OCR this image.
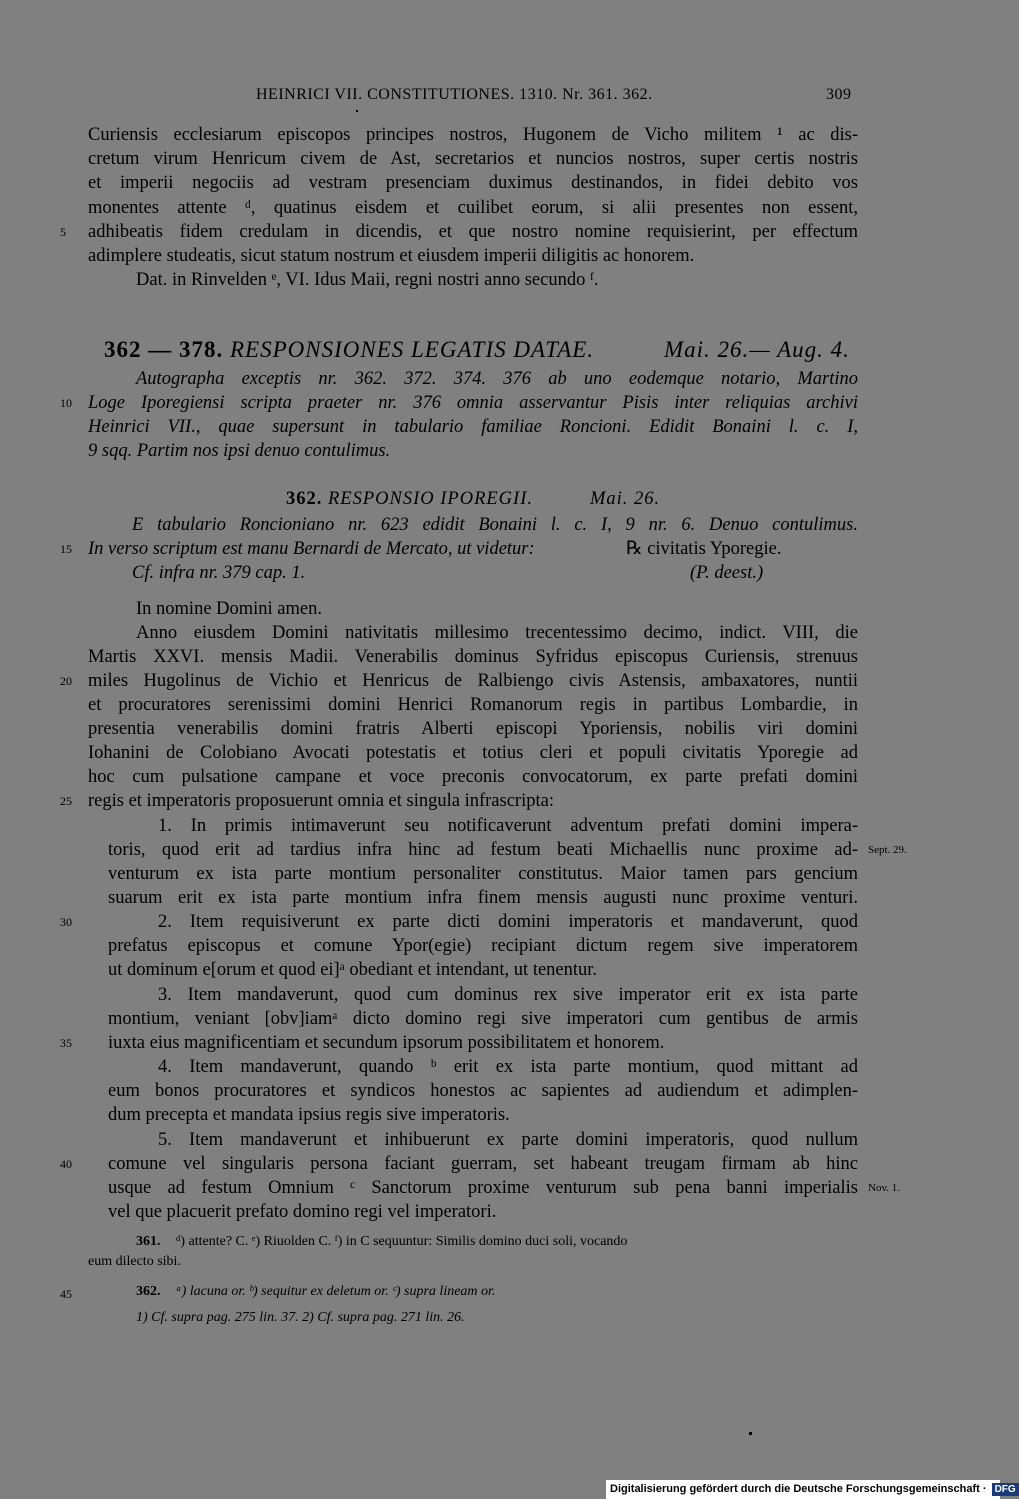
HEINRICI VII. CONSTITUTIONES. 1310. Nr. 361. 362.	309
Curiensis ecclesiarum episcopos principes nostros, Hugonem de Vicho militem ¹ ac dis-
cretum virum Henricum civem de Ast, secretarios et nuncios nostros, super certis nostris
et imperii negociis ad vestram presenciam duximus destinandos, in fidei debito vos
monentes attente ᵈ, quatinus eisdem et cuilibet eorum, si alii presentes non essent,
5	adhibeatis fidem credulam in dicendis, et que nostro nomine requisierint, per effectum
adimplere studeatis, sicut statum nostrum et eiusdem imperii diligitis ac honorem.
Dat. in Rinvelden ᵉ, VI. Idus Maii, regni nostri anno secundo ᶠ.
362 — 378. RESPONSIONES LEGATIS DATAE.	Mai. 26.— Aug. 4.
Autographa exceptis nr. 362. 372. 374. 376 ab uno eodemque notario, Martino
10 Loge Iporegiensi scripta praeter nr. 376 omnia asservantur Pisis inter reliquias archivi
Heinrici VII., quae supersunt in tabulario familiae Roncioni. Edidit Bonaini l. c. I,
9 sqq. Partim nos ipsi denuo contulimus.
362. RESPONSIO IPOREGII.	Mai. 26.
E tabulario Roncioniano nr. 623 edidit Bonaini l. c. I, 9 nr. 6. Denuo contulimus.
15 In verso scriptum est manu Bernardi de Mercato, ut videtur:	℞ civitatis Yporegie.
Cf. infra nr. 379 cap. 1.	(P. deest.)
In nomine Domini amen.
Anno eiusdem Domini nativitatis millesimo trecentessimo decimo, indict. VIII, die
Martis XXVI. mensis Madii. Venerabilis dominus Syfridus episcopus Curiensis, strenuus
20 miles Hugolinus de Vichio et Henricus de Ralbiengo civis Astensis, ambaxatores, nuntii
et procuratores serenissimi domini Henrici Romanorum regis in partibus Lombardie, in
presentia venerabilis domini fratris Alberti episcopi Yporiensis, nobilis viri domini
Iohanini de Colobiano Avocati potestatis et totius cleri et populi civitatis Yporegie ad
hoc cum pulsatione campane et voce preconis convocatorum, ex parte prefati domini
25 regis et imperatoris proposuerunt omnia et singula infrascripta:
1. In primis intimaverunt seu notificaverunt adventum prefati domini impera-
toris, quod erit ad tardius infra hinc ad festum beati Michaellis nunc proxime ad- Sept. 29.
venturum ex ista parte montium personaliter constitutus. Maior tamen pars gencium
suarum erit ex ista parte montium infra finem mensis augusti nunc proxime venturi.
30	2. Item requisiverunt ex parte dicti domini imperatoris et mandaverunt, quod
prefatus episcopus et comune Ypor(egie) recipiant dictum regem sive imperatorem
ut dominum e[orum et quod ei]ᵃ obediant et intendant, ut tenentur.
3. Item mandaverunt, quod cum dominus rex sive imperator erit ex ista parte
montium, veniant [obv]iamᵃ dicto domino regi sive imperatori cum gentibus de armis
35	iuxta eius magnificentiam et secundum ipsorum possibilitatem et honorem.
4. Item mandaverunt, quando ᵇ erit ex ista parte montium, quod mittant ad
eum bonos procuratores et syndicos honestos ac sapientes ad audiendum et adimplen-
dum precepta et mandata ipsius regis sive imperatoris.
5. Item mandaverunt et inhibuerunt ex parte domini imperatoris, quod nullum
40	comune vel singularis persona faciant guerram, set habeant treugam firmam ab hinc
usque ad festum Omnium ᶜ Sanctorum proxime venturum sub pena banni imperialis Nov. 1.
vel que placuerit prefato domino regi vel imperatori.
361.	ᵈ) attente? C. ᵉ) Riuolden C. ᶠ) in C sequuntur: Similis domino duci soli, vocando
eum dilecto sibi.
45	362.	ᵃ) lacuna or. ᵇ) sequitur ex deletum or. ᶜ) supra lineam or.
1) Cf. supra pag. 275 lin. 37. 2) Cf. supra pag. 271 lin. 26.
Digitalisierung gefördert durch die Deutsche Forschungsgemeinschaft · DFG
